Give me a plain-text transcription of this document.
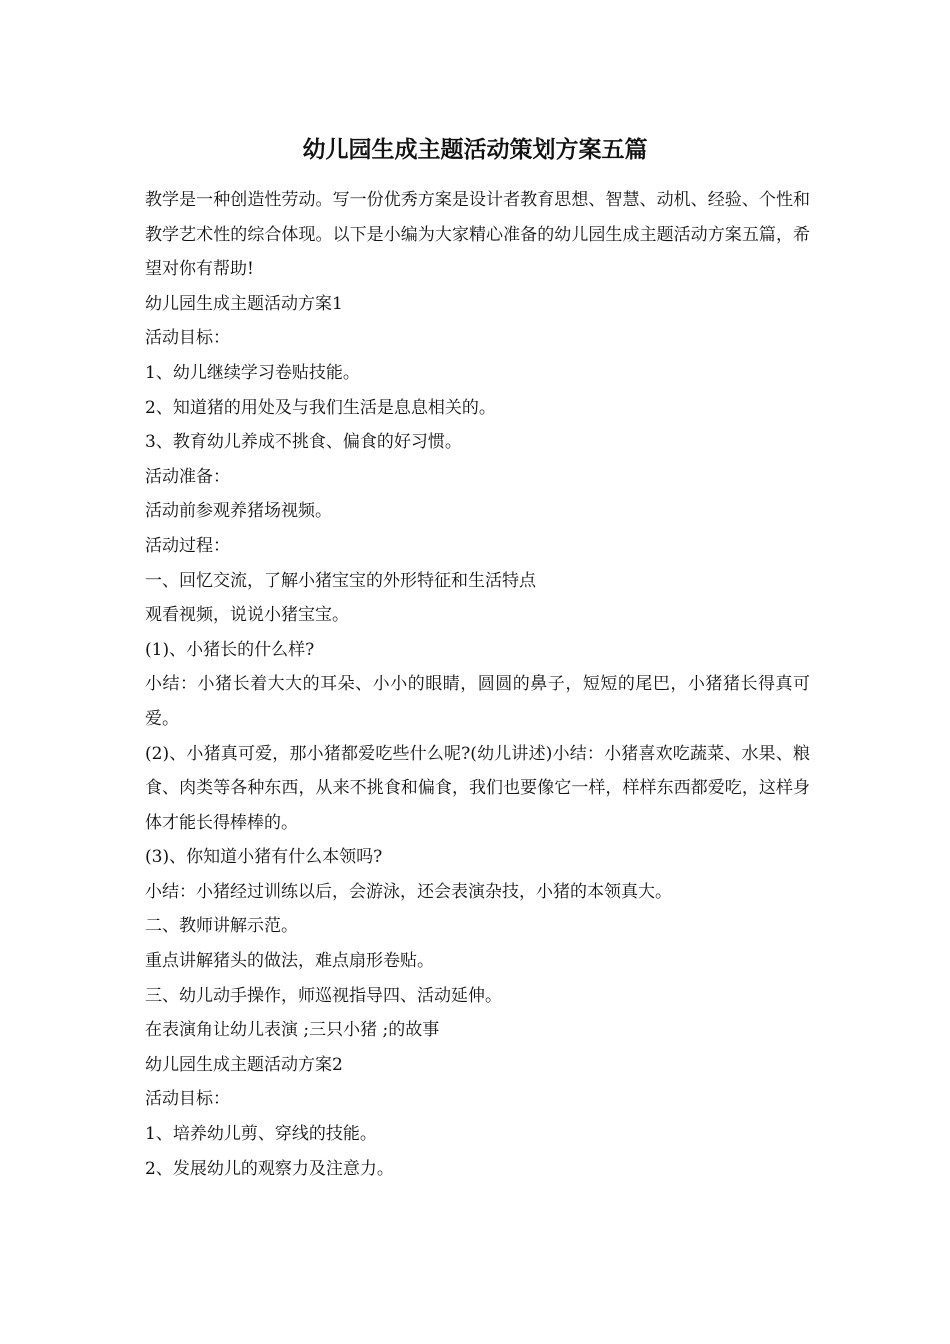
幼儿园生成主题活动策划方案五篇

教学是一种创造性劳动。写一份优秀方案是设计者教育思想、智慧、动机、经验、个性和教学艺术性的综合体现。以下是小编为大家精心准备的幼儿园生成主题活动方案五篇，希望对你有帮助!

幼儿园生成主题活动方案1

活动目标：

1、幼儿继续学习卷贴技能。

2、知道猪的用处及与我们生活是息息相关的。

3、教育幼儿养成不挑食、偏食的好习惯。

活动准备：

活动前参观养猪场视频。

活动过程：

一、回忆交流，了解小猪宝宝的外形特征和生活特点

观看视频，说说小猪宝宝。

(1)、小猪长的什么样?

小结：小猪长着大大的耳朵、小小的眼睛，圆圆的鼻子，短短的尾巴，小猪猪长得真可爱。

(2)、小猪真可爱，那小猪都爱吃些什么呢?(幼儿讲述)小结：小猪喜欢吃蔬菜、水果、粮食、肉类等各种东西，从来不挑食和偏食，我们也要像它一样，样样东西都爱吃，这样身体才能长得棒棒的。

(3)、你知道小猪有什么本领吗?

小结：小猪经过训练以后，会游泳，还会表演杂技，小猪的本领真大。

二、教师讲解示范。

重点讲解猪头的做法，难点扇形卷贴。

三、幼儿动手操作，师巡视指导四、活动延伸。

在表演角让幼儿表演 ;三只小猪 ;的故事

幼儿园生成主题活动方案2

活动目标：

1、培养幼儿剪、穿线的技能。

2、发展幼儿的观察力及注意力。
